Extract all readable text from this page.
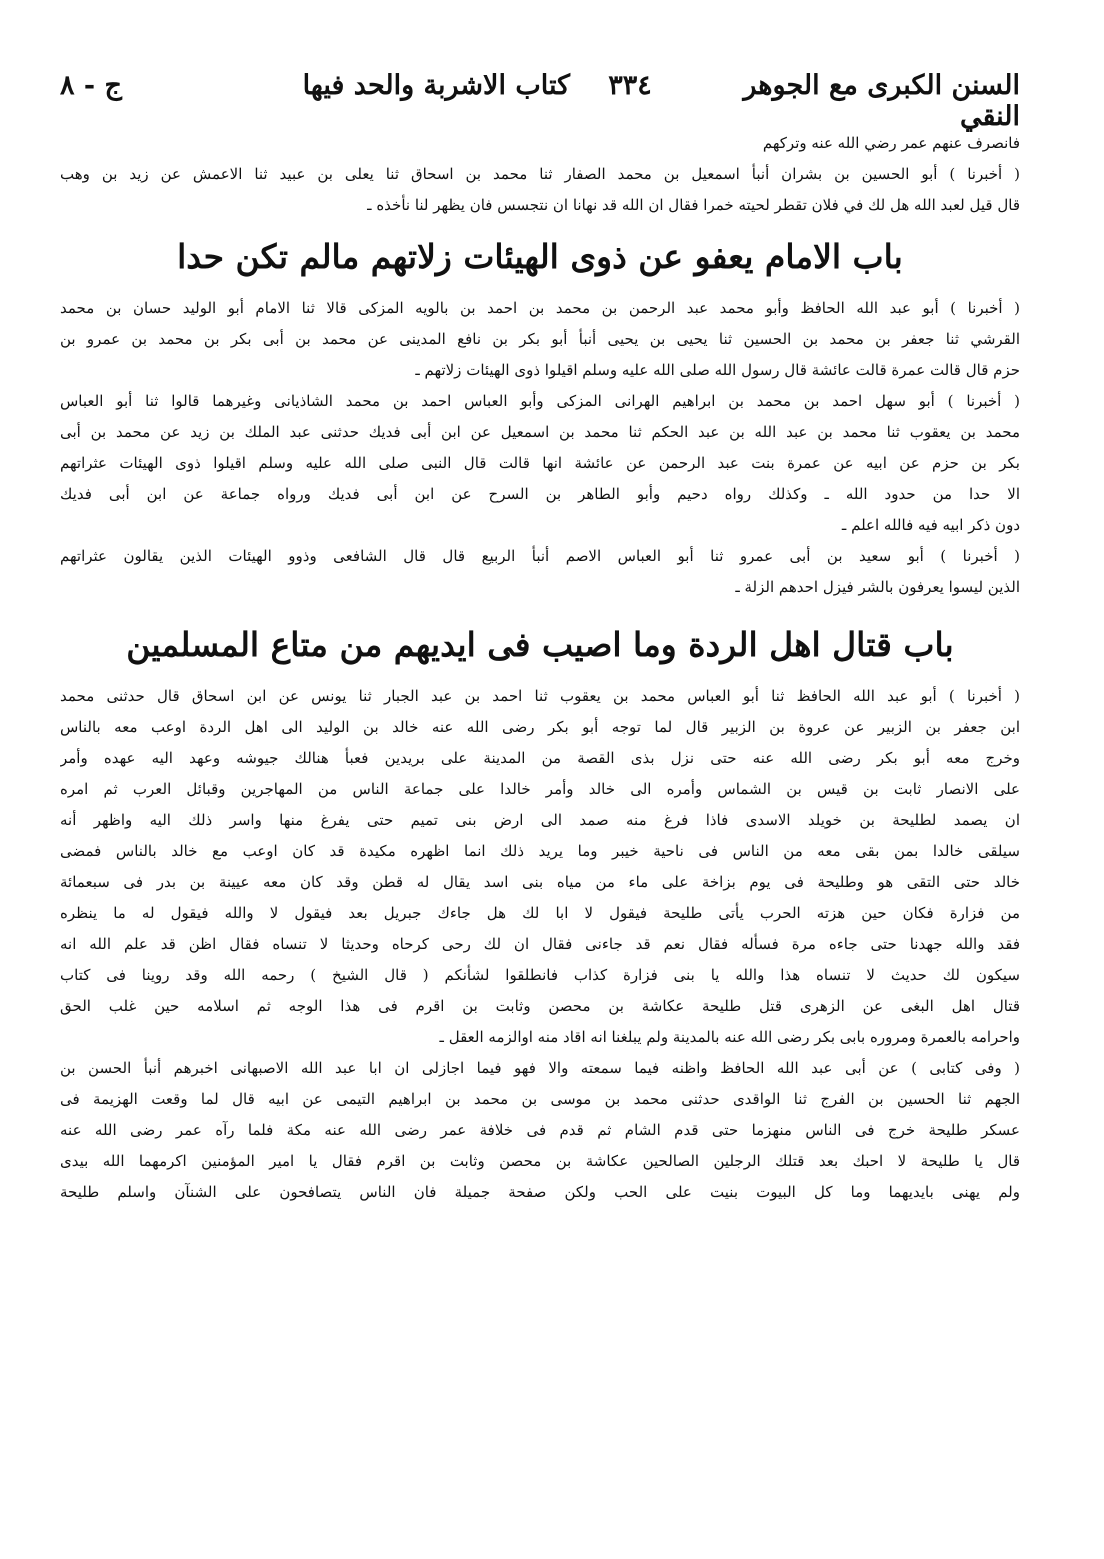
السنن الكبرى مع الجوهر النقي
٣٣٤
كتاب الاشربة والحد فيها
ج - ٨
فانصرف عنهم عمر رضي الله عنه وتركهم
( أخبرنا ) أبو الحسين بن بشران أنبأ اسمعيل بن محمد الصفار ثنا محمد بن اسحاق ثنا يعلى بن عبيد ثنا الاعمش عن زيد بن وهب
قال قيل لعبد الله هل لك في فلان تقطر لحيته خمرا فقال ان الله قد نهانا ان نتجسس فان يظهر لنا نأخذه ـ
باب الامام يعفو عن ذوى الهيئات زلاتهم مالم تكن حدا
( أخبرنا ) أبو عبد الله الحافظ وأبو محمد عبد الرحمن بن محمد بن احمد بن بالويه المزكى قالا ثنا الامام أبو الوليد حسان بن محمد
القرشي ثنا جعفر بن محمد بن الحسين ثنا يحيى بن يحيى أنبأ أبو بكر بن نافع المدينى عن محمد بن أبى بكر بن محمد بن عمرو بن
حزم قال قالت عمرة قالت عائشة قال رسول الله صلى الله عليه وسلم اقيلوا ذوى الهيئات زلاتهم ـ
( أخبرنا ) أبو سهل احمد بن محمد بن ابراهيم الهرانى المزكى وأبو العباس احمد بن محمد الشاذيانى وغيرهما قالوا ثنا أبو العباس
محمد بن يعقوب ثنا محمد بن عبد الله بن عبد الحكم ثنا محمد بن اسمعيل عن ابن أبى فديك حدثنى عبد الملك بن زيد عن محمد بن أبى
بكر بن حزم عن ابيه عن عمرة بنت عبد الرحمن عن عائشة انها قالت قال النبى صلى الله عليه وسلم اقيلوا ذوى الهيئات عثراتهم
الا حدا من حدود الله ـ وكذلك رواه دحيم وأبو الطاهر بن السرح عن ابن أبى فديك ورواه جماعة عن ابن أبى فديك
دون ذكر ابيه فيه فالله اعلم ـ
( أخبرنا ) أبو سعيد بن أبى عمرو ثنا أبو العباس الاصم أنبأ الربيع قال قال الشافعى وذوو الهيئات الذين يقالون عثراتهم
الذين ليسوا يعرفون بالشر فيزل احدهم الزلة ـ
باب قتال اهل الردة وما اصيب فى ايديهم من متاع المسلمين
( أخبرنا ) أبو عبد الله الحافظ ثنا أبو العباس محمد بن يعقوب ثنا احمد بن عبد الجبار ثنا يونس عن ابن اسحاق قال حدثنى محمد
ابن جعفر بن الزبير عن عروة بن الزبير قال لما توجه أبو بكر رضى الله عنه خالد بن الوليد الى اهل الردة اوعب معه بالناس
وخرج معه أبو بكر رضى الله عنه حتى نزل بذى القصة من المدينة على بريدين فعبأ هنالك جيوشه وعهد اليه عهده وأمر
على الانصار ثابت بن قيس بن الشماس وأمره الى خالد وأمر خالدا على جماعة الناس من المهاجرين وقبائل العرب ثم امره
ان يصمد لطليحة بن خويلد الاسدى فاذا فرغ منه صمد الى ارض بنى تميم حتى يفرغ منها واسر ذلك اليه واظهر أنه
سيلقى خالدا بمن بقى معه من الناس فى ناحية خيبر وما يريد ذلك انما اظهره مكيدة قد كان اوعب مع خالد بالناس فمضى
خالد حتى التقى هو وطليحة فى يوم بزاخة على ماء من مياه بنى اسد يقال له قطن وقد كان معه عيينة بن بدر فى سبعمائة
من فزارة فكان حين هزته الحرب يأتى طليحة فيقول لا ابا لك هل جاءك جبريل بعد فيقول لا والله فيقول له ما ينظره
فقد والله جهدنا حتى جاءه مرة فسأله فقال نعم قد جاءنى فقال ان لك رحى كرحاه وحديثا لا تنساه فقال اظن قد علم الله انه
سيكون لك حديث لا تنساه هذا والله يا بنى فزارة كذاب فانطلقوا لشأنكم ( قال الشيخ ) رحمه الله وقد روينا فى كتاب
قتال اهل البغى عن الزهرى قتل طليحة عكاشة بن محصن وثابت بن اقرم فى هذا الوجه ثم اسلامه حين غلب الحق
واحرامه بالعمرة ومروره بابى بكر رضى الله عنه بالمدينة ولم يبلغنا انه اقاد منه اوالزمه العقل ـ
( وفى كتابى ) عن أبى عبد الله الحافظ واظنه فيما سمعته والا فهو فيما اجازلى ان ابا عبد الله الاصبهانى اخبرهم أنبأ الحسن بن
الجهم ثنا الحسين بن الفرج ثنا الواقدى حدثنى محمد بن موسى بن محمد بن ابراهيم التيمى عن ابيه قال لما وقعت الهزيمة فى
عسكر طليحة خرج فى الناس منهزما حتى قدم الشام ثم قدم فى خلافة عمر رضى الله عنه مكة فلما رآه عمر رضى الله عنه
قال يا طليحة لا احبك بعد قتلك الرجلين الصالحين عكاشة بن محصن وثابت بن اقرم فقال يا امير المؤمنين اكرمهما الله بيدى
ولم يهنى بايديهما وما كل البيوت بنيت على الحب ولكن صفحة جميلة فان الناس يتصافحون على الشنآن واسلم طليحة
